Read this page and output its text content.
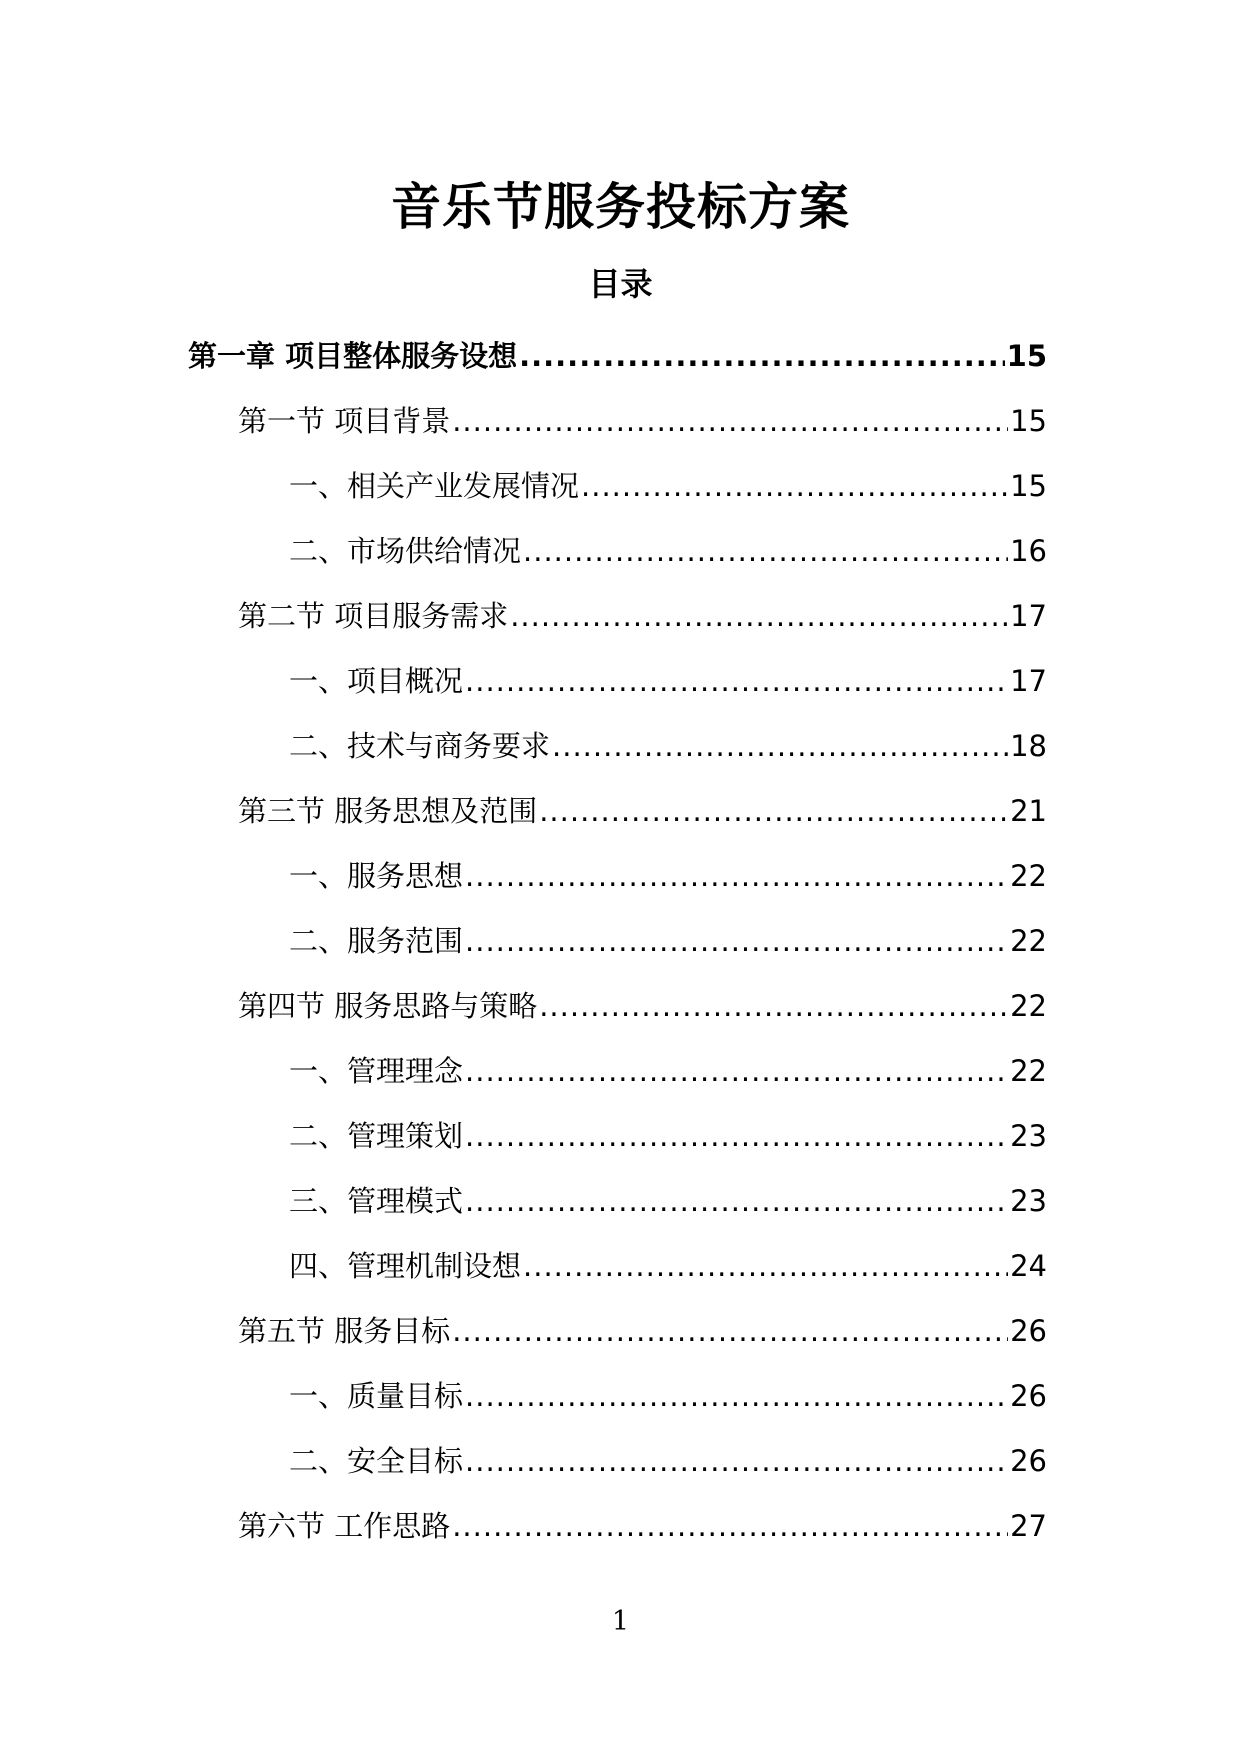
音乐节服务投标方案
目录
第一章 项目整体服务设想 .....	15
第一节 项目背景 .....	15
一、相关产业发展情况 .....	15
二、市场供给情况 .....	16
第二节 项目服务需求 .....	17
一、项目概况 .....	17
二、技术与商务要求 .....	18
第三节 服务思想及范围 .....	21
一、服务思想 .....	22
二、服务范围 .....	22
第四节 服务思路与策略 .....	22
一、管理理念 .....	22
二、管理策划 .....	23
三、管理模式 .....	23
四、管理机制设想 .....	24
第五节 服务目标 .....	26
一、质量目标 .....	26
二、安全目标 .....	26
第六节 工作思路 .....	27
1
